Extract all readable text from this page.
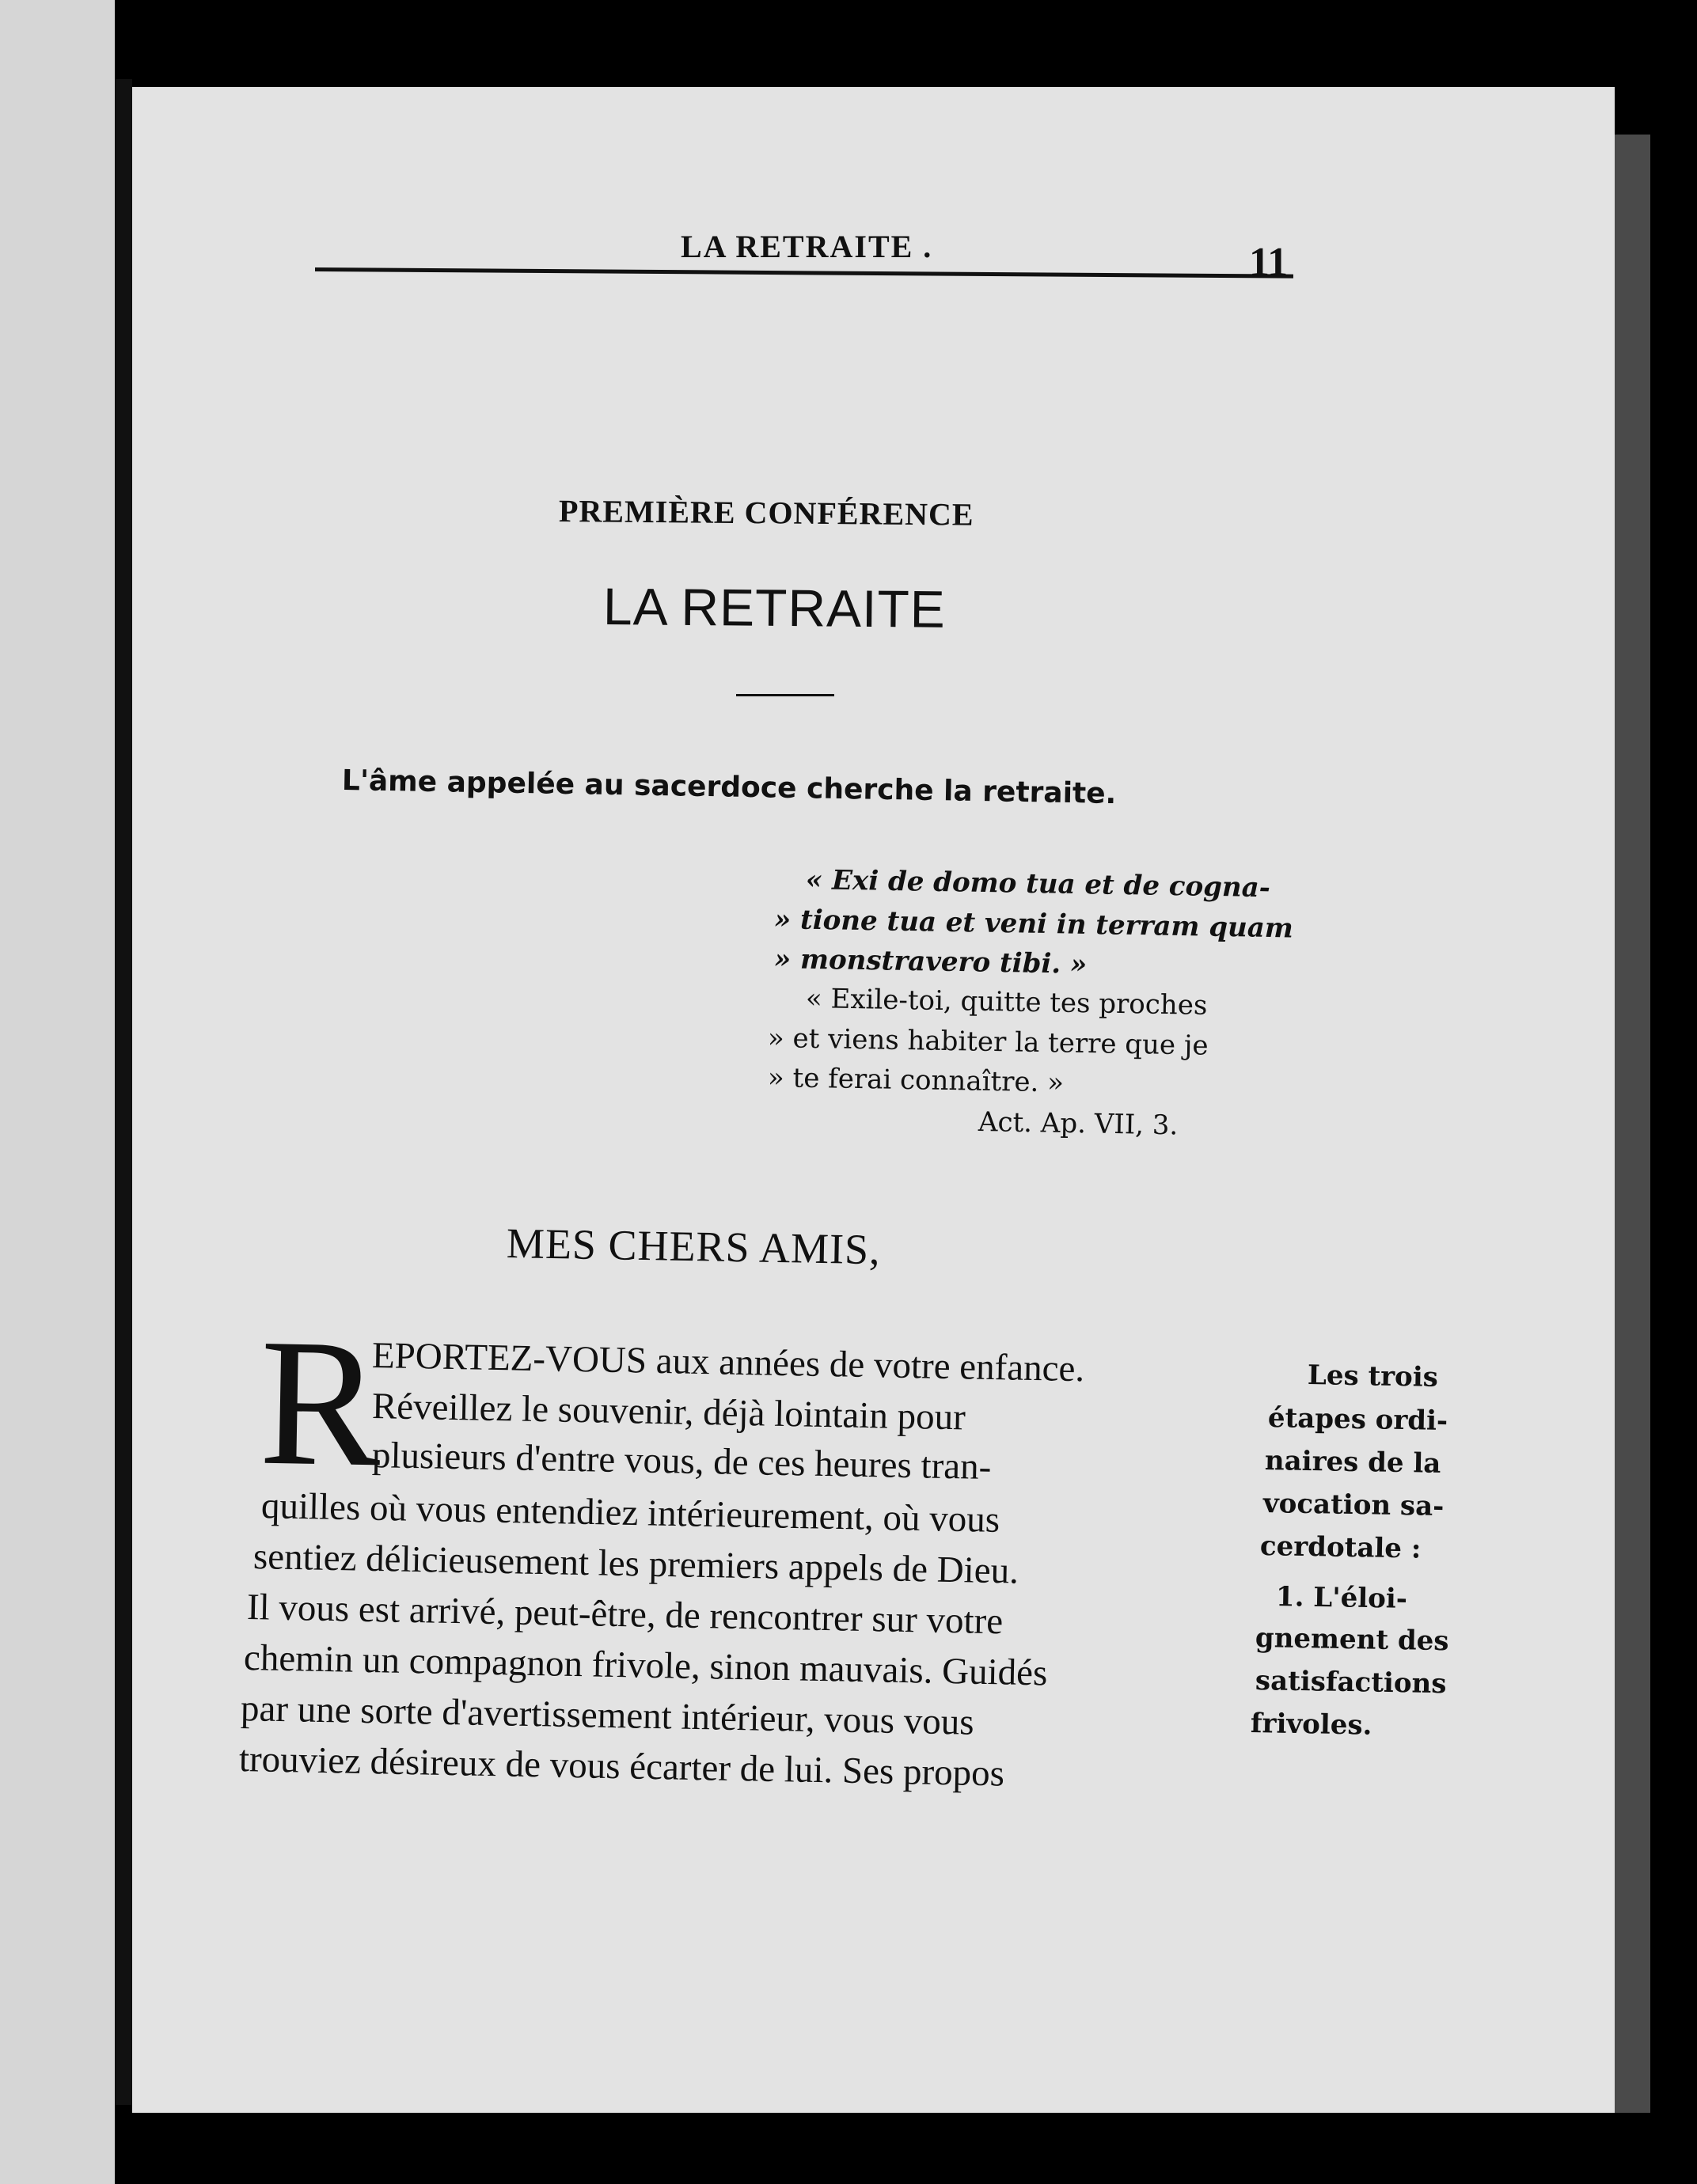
LA RETRAITE .	11
PREMIÈRE CONFÉRENCE
LA RETRAITE
L'âme appelée au sacerdoce cherche la retraite.
« Exi de domo tua et de cogna-
» tione tua et veni in terram quam
» monstravero tibi. »
« Exile-toi, quitte tes proches
» et viens habiter la terre que je
» te ferai connaître. »
Act. Ap. VII, 3.
MES CHERS AMIS,
R
EPORTEZ-VOUS aux années de votre enfance.
Réveillez le souvenir, déjà lointain pour
plusieurs d'entre vous, de ces heures tran-
quilles où vous entendiez intérieurement, où vous
sentiez délicieusement les premiers appels de Dieu.
Il vous est arrivé, peut-être, de rencontrer sur votre
chemin un compagnon frivole, sinon mauvais. Guidés
par une sorte d'avertissement intérieur, vous vous
trouviez désireux de vous écarter de lui. Ses propos
Les trois
étapes ordi-
naires de la
vocation sa-
cerdotale :
1. L'éloi-
gnement des
satisfactions
frivoles.
